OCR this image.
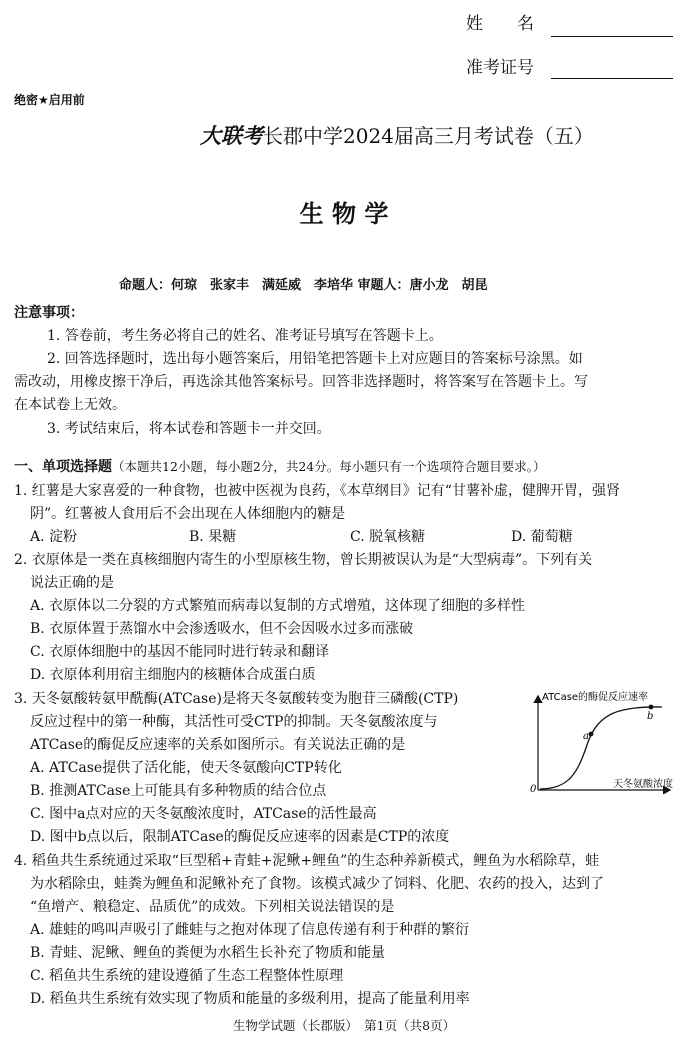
姓　　名
准考证号
绝密★启用前
大联考长郡中学2024届高三月考试卷（五）
生 物 学
命题人：何琼　张家丰　满延威　李培华 审题人：唐小龙　胡昆
注意事项：
1. 答卷前，考生务必将自己的姓名、准考证号填写在答题卡上。
2. 回答选择题时，选出每小题答案后，用铅笔把答题卡上对应题目的答案标号涂黑。如
需改动，用橡皮擦干净后，再选涂其他答案标号。回答非选择题时，将答案写在答题卡上。写
在本试卷上无效。
3. 考试结束后，将本试卷和答题卡一并交回。
一、单项选择题（本题共12小题，每小题2分，共24分。每小题只有一个选项符合题目要求。）
1. 红薯是大家喜爱的一种食物，也被中医视为良药，《本草纲目》记有“甘薯补虚，健脾开胃，强肾
阴”。红薯被人食用后不会出现在人体细胞内的糖是
A. 淀粉	B. 果糖	C. 脱氧核糖	D. 葡萄糖
2. 衣原体是一类在真核细胞内寄生的小型原核生物，曾长期被误认为是“大型病毒”。下列有关
说法正确的是
A. 衣原体以二分裂的方式繁殖而病毒以复制的方式增殖，这体现了细胞的多样性
B. 衣原体置于蒸馏水中会渗透吸水，但不会因吸水过多而涨破
C. 衣原体细胞中的基因不能同时进行转录和翻译
D. 衣原体利用宿主细胞内的核糖体合成蛋白质
3. 天冬氨酸转氨甲酰酶(ATCase)是将天冬氨酸转变为胞苷三磷酸(CTP)
反应过程中的第一种酶，其活性可受CTP的抑制。天冬氨酸浓度与
ATCase的酶促反应速率的关系如图所示。有关说法正确的是
A. ATCase提供了活化能，使天冬氨酸向CTP转化
B. 推测ATCase上可能具有多种物质的结合位点
C. 图中a点对应的天冬氨酸浓度时，ATCase的活性最高
D. 图中b点以后，限制ATCase的酶促反应速率的因素是CTP的浓度
a
b
0
ATCase的酶促反应速率
天冬氨酸浓度
4. 稻鱼共生系统通过采取“巨型稻+青蛙+泥鳅+鲤鱼”的生态种养新模式，鲤鱼为水稻除草，蛙
为水稻除虫，蛙粪为鲤鱼和泥鳅补充了食物。该模式减少了饲料、化肥、农药的投入，达到了
“鱼增产、粮稳定、品质优”的成效。下列相关说法错误的是
A. 雄蛙的鸣叫声吸引了雌蛙与之抱对体现了信息传递有利于种群的繁衍
B. 青蛙、泥鳅、鲤鱼的粪便为水稻生长补充了物质和能量
C. 稻鱼共生系统的建设遵循了生态工程整体性原理
D. 稻鱼共生系统有效实现了物质和能量的多级利用，提高了能量利用率
生物学试题（长郡版）　第1页（共8页）
